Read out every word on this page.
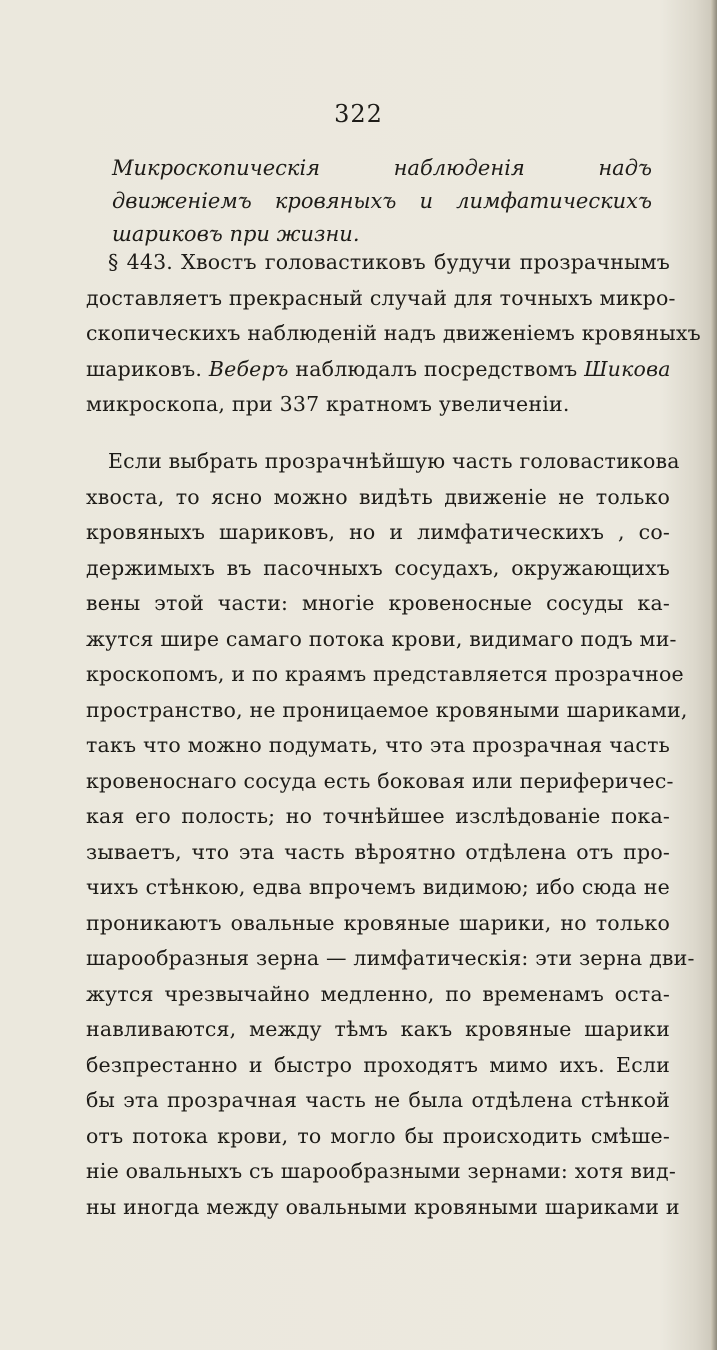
322

Микроскопическія наблюденія надъ движеніемъ кровяныхъ и лимфатическихъ шариковъ при жизни.

§ 443. Хвостъ головастиковъ будучи прозрачнымъ
доставляетъ прекрасный случай для точныхъ микро-
скопическихъ наблюденій надъ движеніемъ кровяныхъ
шариковъ. Веберъ наблюдалъ посредствомъ Шикова
микроскопа, при 337 кратномъ увеличеніи.
Если выбрать прозрачнѣйшую часть головастикова
хвоста, то ясно можно видѣть движеніе не только
кровяныхъ шариковъ, но и лимфатическихъ , со-
держимыхъ въ пасочныхъ сосудахъ, окружающихъ
вены этой части: многіе кровеносные сосуды ка-
жутся шире самаго потока крови, видимаго подъ ми-
кроскопомъ, и по краямъ представляется прозрачное
пространство, не проницаемое кровяными шариками,
такъ что можно подумать, что эта прозрачная часть
кровеноснаго сосуда есть боковая или периферичес-
кая его полость; но точнѣйшее изслѣдованіе пока-
зываетъ, что эта часть вѣроятно отдѣлена отъ про-
чихъ стѣнкою, едва впрочемъ видимою; ибо сюда не
проникаютъ овальные кровяные шарики, но только
шарообразныя зерна — лимфатическія: эти зерна дви-
жутся чрезвычайно медленно, по временамъ оста-
навливаются, между тѣмъ какъ кровяные шарики
безпрестанно и быстро проходятъ мимо ихъ. Если
бы эта прозрачная часть не была отдѣлена стѣнкой
отъ потока крови, то могло бы происходить смѣше-
ніе овальныхъ съ шарообразными зернами: хотя вид-
ны иногда между овальными кровяными шариками и
